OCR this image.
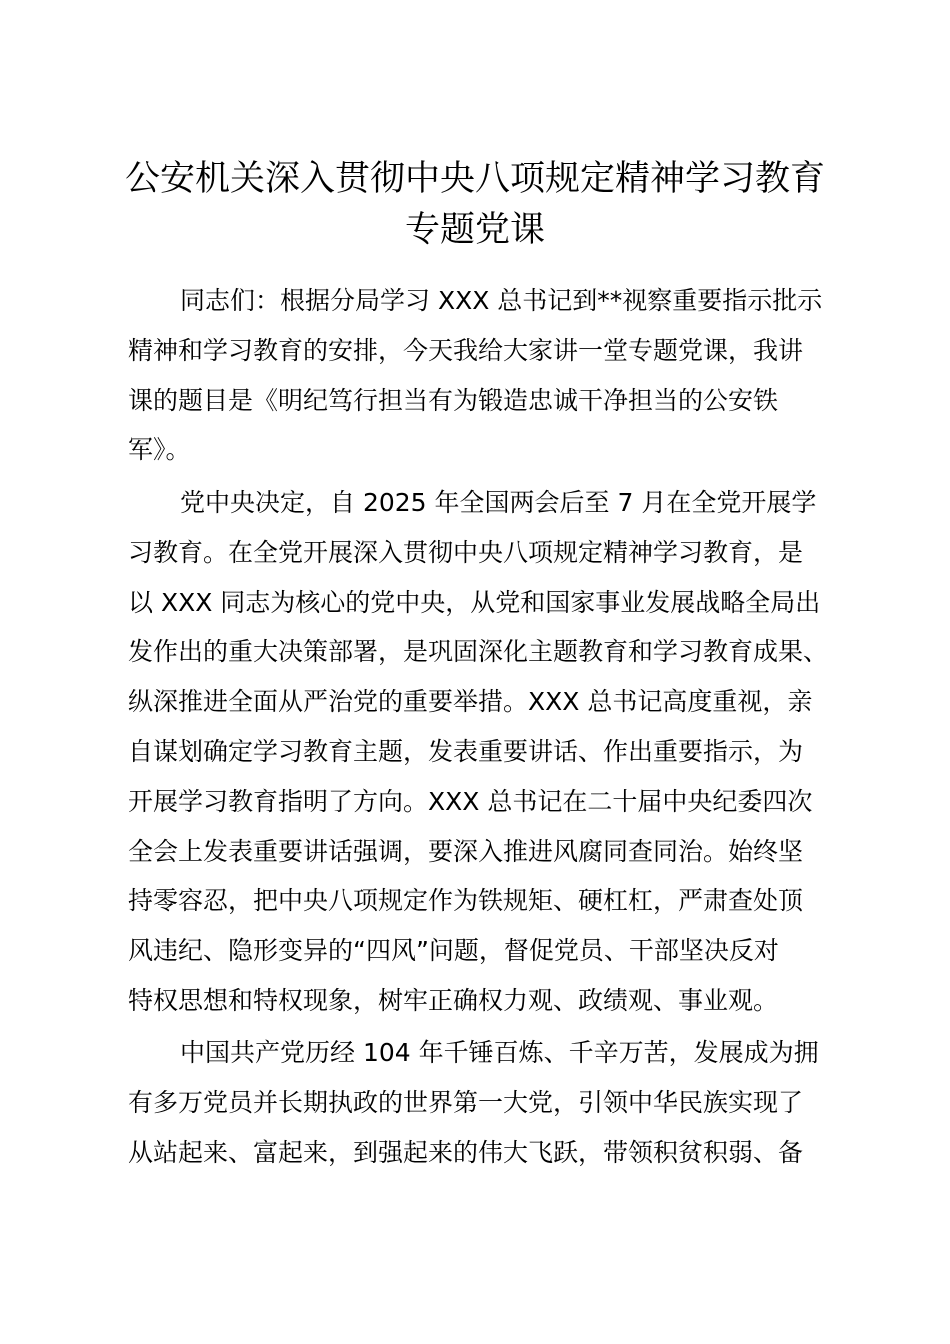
公安机关深入贯彻中央八项规定精神学习教育
专题党课

同志们：根据分局学习 XXX 总书记到**视察重要指示批示
精神和学习教育的安排，今天我给大家讲一堂专题党课，我讲
课的题目是《明纪笃行担当有为锻造忠诚干净担当的公安铁
军》。

党中央决定，自 2025 年全国两会后至 7 月在全党开展学
习教育。在全党开展深入贯彻中央八项规定精神学习教育，是
以 XXX 同志为核心的党中央，从党和国家事业发展战略全局出
发作出的重大决策部署，是巩固深化主题教育和学习教育成果、
纵深推进全面从严治党的重要举措。XXX 总书记高度重视，亲
自谋划确定学习教育主题，发表重要讲话、作出重要指示，为
开展学习教育指明了方向。XXX 总书记在二十届中央纪委四次
全会上发表重要讲话强调，要深入推进风腐同查同治。始终坚
持零容忍，把中央八项规定作为铁规矩、硬杠杠，严肃查处顶
风违纪、隐形变异的“四风”问题，督促党员、干部坚决反对
特权思想和特权现象，树牢正确权力观、政绩观、事业观。

中国共产党历经 104 年千锤百炼、千辛万苦，发展成为拥
有多万党员并长期执政的世界第一大党，引领中华民族实现了
从站起来、富起来，到强起来的伟大飞跃，带领积贫积弱、备
